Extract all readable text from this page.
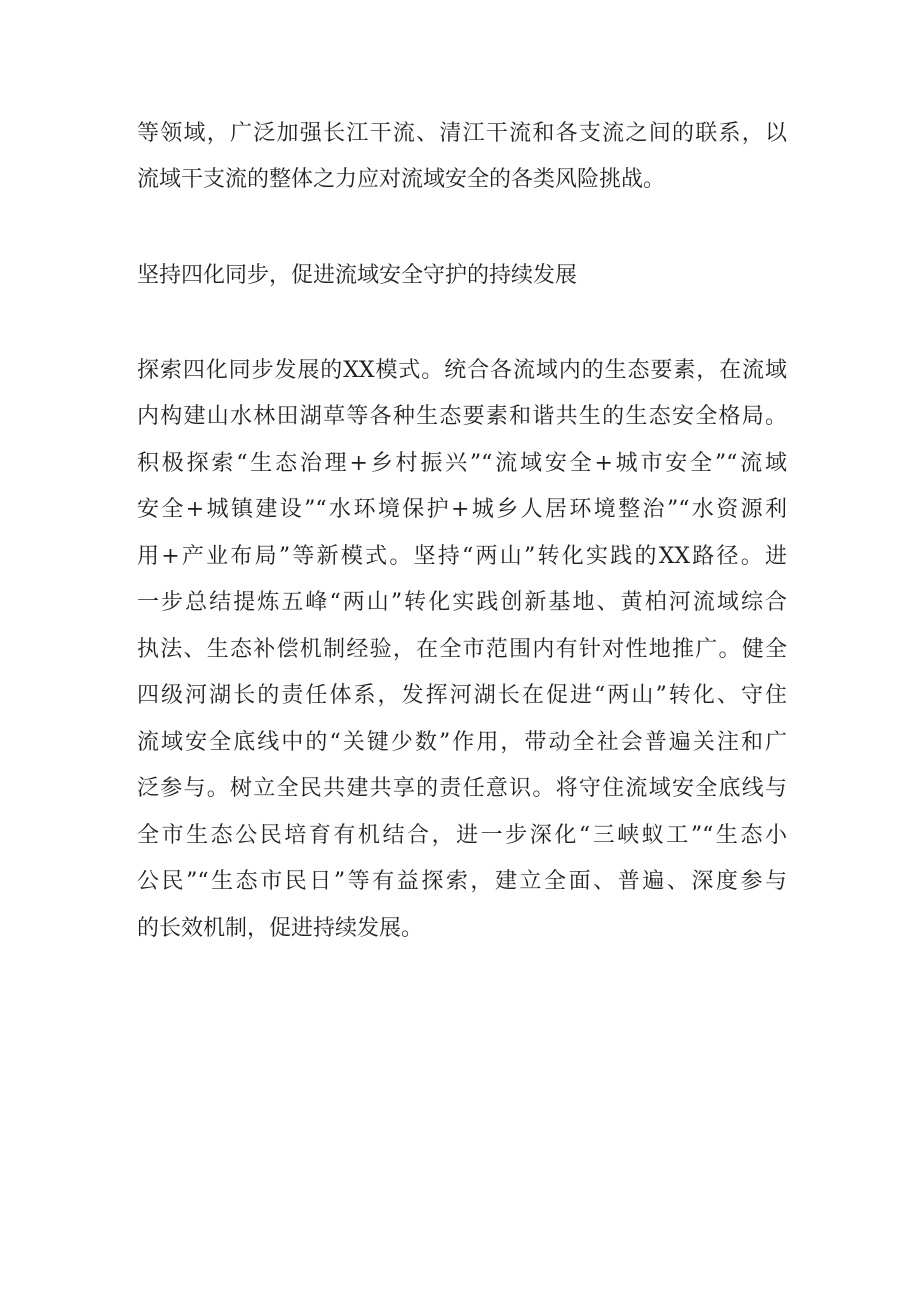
等领域，广泛加强长江干流、清江干流和各支流之间的联系，以
流域干支流的整体之力应对流域安全的各类风险挑战。
坚持四化同步，促进流域安全守护的持续发展
探索四化同步发展的XX模式。统合各流域内的生态要素，在流域
内构建山水林田湖草等各种生态要素和谐共生的生态安全格局。
积极探索“生态治理+乡村振兴”“流域安全+城市安全”“流域
安全+城镇建设”“水环境保护+城乡人居环境整治”“水资源利
用+产业布局”等新模式。坚持“两山”转化实践的XX路径。进
一步总结提炼五峰“两山”转化实践创新基地、黄柏河流域综合
执法、生态补偿机制经验，在全市范围内有针对性地推广。健全
四级河湖长的责任体系，发挥河湖长在促进“两山”转化、守住
流域安全底线中的“关键少数”作用，带动全社会普遍关注和广
泛参与。树立全民共建共享的责任意识。将守住流域安全底线与
全市生态公民培育有机结合，进一步深化“三峡蚁工”“生态小
公民”“生态市民日”等有益探索，建立全面、普遍、深度参与
的长效机制，促进持续发展。
